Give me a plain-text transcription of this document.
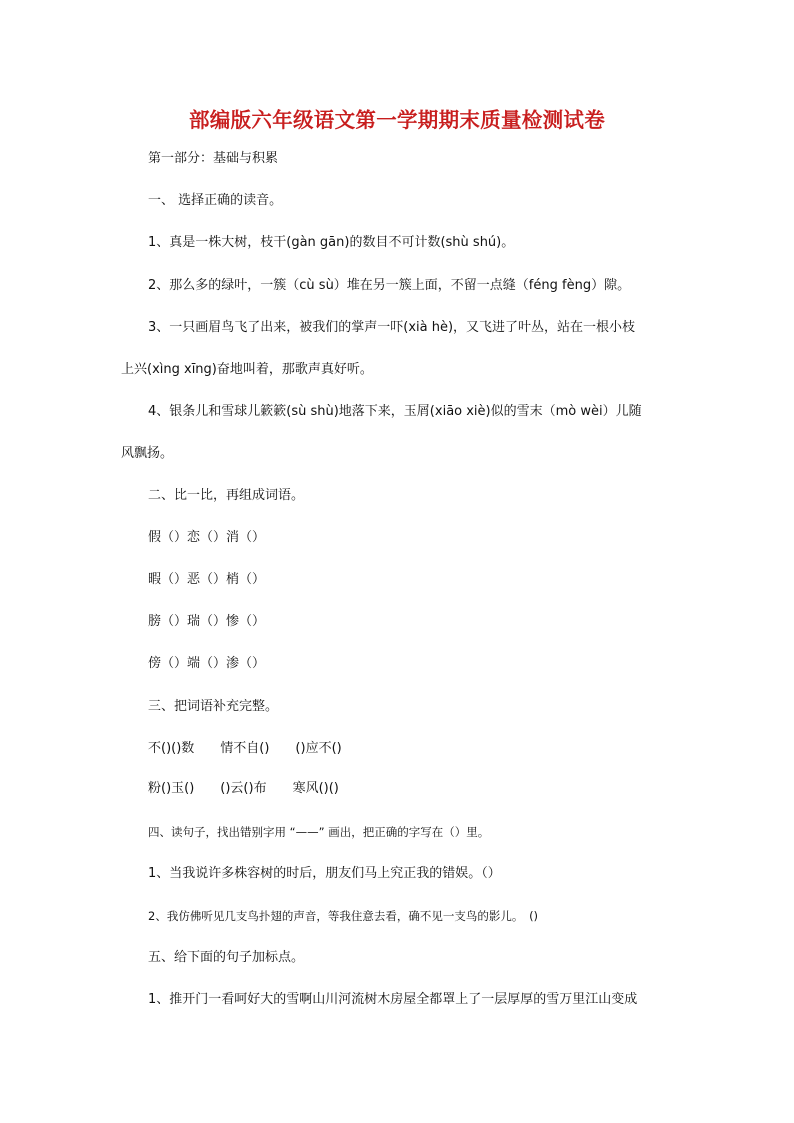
部编版六年级语文第一学期期末质量检测试卷
第一部分：基础与积累
一、 选择正确的读音。
1、真是一株大树，枝干(gàn gān)的数目不可计数(shù shú)。
2、那么多的绿叶，一簇（cù sù）堆在另一簇上面，不留一点缝（féng fèng）隙。
3、一只画眉鸟飞了出来，被我们的掌声一吓(xià hè)，又飞进了叶丛，站在一根小枝
上兴(xìng xīng)奋地叫着，那歌声真好听。
4、银条儿和雪球儿簌簌(sù shù)地落下来，玉屑(xiāo xiè)似的雪末（mò wèi）儿随
风飘扬。
二、比一比，再组成词语。
假（）恋（）消（）
暇（）恶（）梢（）
膀（）瑞（）惨（）
傍（）端（）渗（）
三、把词语补充完整。
不()()数　　情不自()　　()应不()
粉()玉()　　()云()布　　寒风()()
四、读句子，找出错别字用 “——” 画出，把正确的字写在（）里。
1、当我说许多株容树的时后，朋友们马上究正我的错娱。（）
2、我仿佛听见几支鸟扑翅的声音，等我住意去看，确不见一支鸟的影儿。　()
五、给下面的句子加标点。
1、推开门一看呵好大的雪啊山川河流树木房屋全都罩上了一层厚厚的雪万里江山变成
